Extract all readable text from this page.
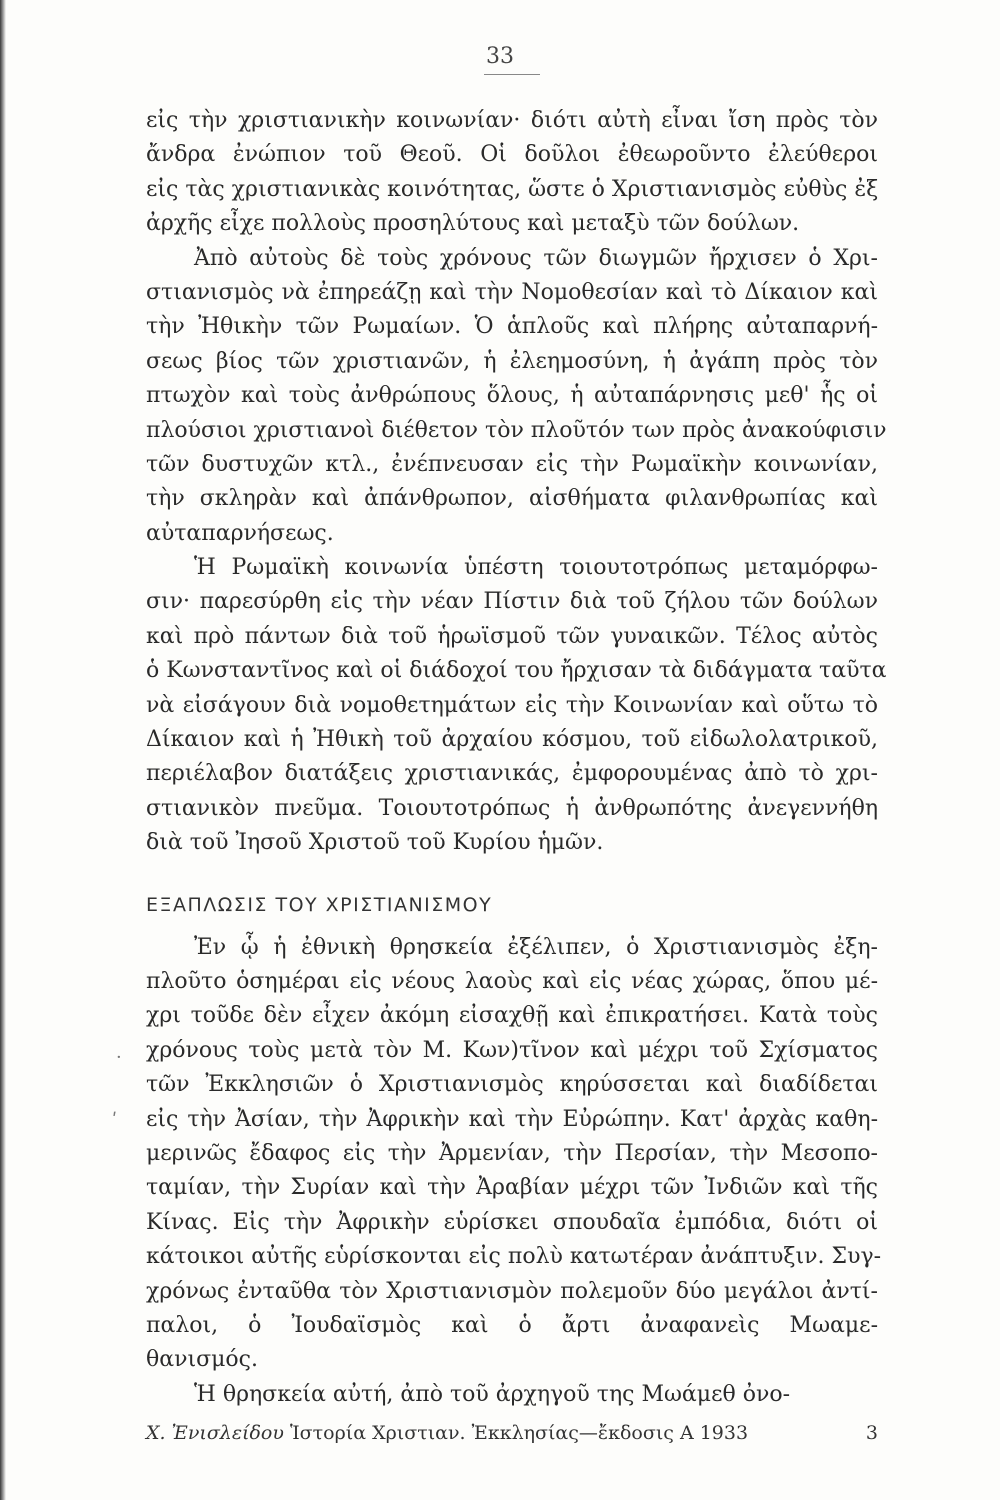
33
·
ʹ
εἰς τὴν χριστιανικὴν κοινωνίαν· διότι αὐτὴ εἶναι ἴση πρὸς τὸν
ἄνδρα ἐνώπιον τοῦ Θεοῦ. Οἱ δοῦλοι ἐθεωροῦντο ἐλεύθεροι
εἰς τὰς χριστιανικὰς κοινότητας, ὥστε ὁ Χριστιανισμὸς εὐθὺς ἐξ
ἀρχῆς εἶχε πολλοὺς προσηλύτους καὶ μεταξὺ τῶν δούλων.
Ἀπὸ αὐτοὺς δὲ τοὺς χρόνους τῶν διωγμῶν ἤρχισεν ὁ Χρι-
στιανισμὸς νὰ ἐπηρεάζῃ καὶ τὴν Νομοθεσίαν καὶ τὸ Δίκαιον καὶ
τὴν Ἠθικὴν τῶν Ρωμαίων. Ὁ ἁπλοῦς καὶ πλήρης αὐταπαρνή-
σεως βίος τῶν χριστιανῶν, ἡ ἐλεημοσύνη, ἡ ἀγάπη πρὸς τὸν
πτωχὸν καὶ τοὺς ἀνθρώπους ὅλους, ἡ αὐταπάρνησις μεθ' ἧς οἱ
πλούσιοι χριστιανοὶ διέθετον τὸν πλοῦτόν των πρὸς ἀνακούφισιν
τῶν δυστυχῶν κτλ., ἐνέπνευσαν εἰς τὴν Ρωμαϊκὴν κοινωνίαν,
τὴν σκληρὰν καὶ ἀπάνθρωπον, αἰσθήματα φιλανθρωπίας καὶ
αὐταπαρνήσεως.
Ἡ Ρωμαϊκὴ κοινωνία ὑπέστη τοιουτοτρόπως μεταμόρφω-
σιν· παρεσύρθη εἰς τὴν νέαν Πίστιν διὰ τοῦ ζήλου τῶν δούλων
καὶ πρὸ πάντων διὰ τοῦ ἡρωϊσμοῦ τῶν γυναικῶν. Τέλος αὐτὸς
ὁ Κωνσταντῖνος καὶ οἱ διάδοχοί του ἤρχισαν τὰ διδάγματα ταῦτα
νὰ εἰσάγουν διὰ νομοθετημάτων εἰς τὴν Κοινωνίαν καὶ οὕτω τὸ
Δίκαιον καὶ ἡ Ἠθικὴ τοῦ ἀρχαίου κόσμου, τοῦ εἰδωλολατρικοῦ,
περιέλαβον διατάξεις χριστιανικάς, ἐμφορουμένας ἀπὸ τὸ χρι-
στιανικὸν πνεῦμα. Τοιουτοτρόπως ἡ ἀνθρωπότης ἀνεγεννήθη
διὰ τοῦ Ἰησοῦ Χριστοῦ τοῦ Κυρίου ἡμῶν.
ΕΞΑΠΛΩΣΙΣ ΤΟΥ ΧΡΙΣΤΙΑΝΙΣΜΟΥ
Ἐν ᾧ ἡ ἐθνικὴ θρησκεία ἐξέλιπεν, ὁ Χριστιανισμὸς ἐξη-
πλοῦτο ὁσημέραι εἰς νέους λαοὺς καὶ εἰς νέας χώρας, ὅπου μέ-
χρι τοῦδε δὲν εἶχεν ἀκόμη εἰσαχθῇ καὶ ἐπικρατήσει. Κατὰ τοὺς
χρόνους τοὺς μετὰ τὸν Μ. Κων)τῖνον καὶ μέχρι τοῦ Σχίσματος
τῶν Ἐκκλησιῶν ὁ Χριστιανισμὸς κηρύσσεται καὶ διαδίδεται
εἰς τὴν Ἀσίαν, τὴν Ἀφρικὴν καὶ τὴν Εὐρώπην. Κατ' ἀρχὰς καθη-
μερινῶς ἔδαφος εἰς τὴν Ἀρμενίαν, τὴν Περσίαν, τὴν Μεσοπο-
ταμίαν, τὴν Συρίαν καὶ τὴν Ἀραβίαν μέχρι τῶν Ἰνδιῶν καὶ τῆς
Κίνας. Εἰς τὴν Ἀφρικὴν εὑρίσκει σπουδαῖα ἐμπόδια, διότι οἱ
κάτοικοι αὐτῆς εὑρίσκονται εἰς πολὺ κατωτέραν ἀνάπτυξιν. Συγ-
χρόνως ἐνταῦθα τὸν Χριστιανισμὸν πολεμοῦν δύο μεγάλοι ἀντί-
παλοι, ὁ Ἰουδαϊσμὸς καὶ ὁ ἄρτι ἀναφανεὶς Μωαμε-
θανισμός.
Ἡ θρησκεία αὐτή, ἀπὸ τοῦ ἀρχηγοῦ της Μωάμεθ ὀνο-
Χ. Ἐνισλείδου Ἱστορία Χριστιαν. Ἐκκλησίας—ἔκδοσις Α 1933	3
